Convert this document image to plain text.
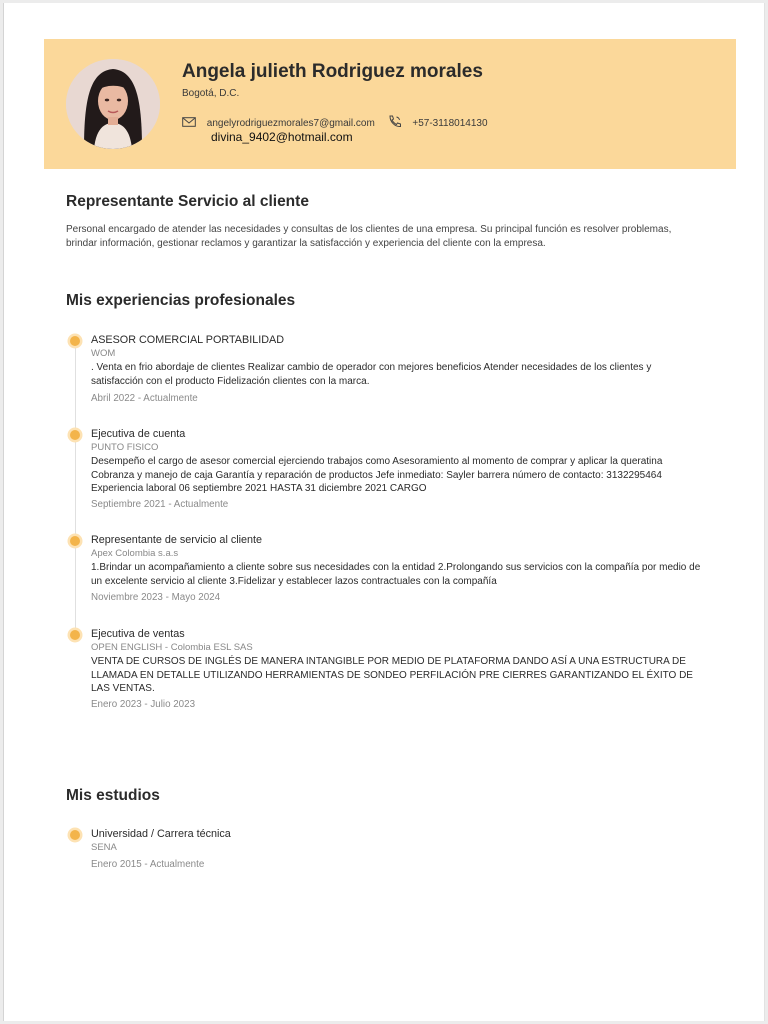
Angela julieth Rodriguez morales
Bogotá, D.C.
angelyrodriguezmorales7@gmail.com	+57-3118014130
divina_9402@hotmail.com
Representante Servicio al cliente
Personal encargado de atender las necesidades y consultas de los clientes de una empresa. Su principal función es resolver problemas, brindar información, gestionar reclamos y garantizar la satisfacción y experiencia del cliente con la empresa.
Mis experiencias profesionales
ASESOR COMERCIAL PORTABILIDAD
WOM
. Venta en frio abordaje de clientes Realizar cambio de operador con mejores beneficios Atender necesidades de los clientes y satisfacción con el producto Fidelización clientes con la marca.
Abril 2022 - Actualmente
Ejecutiva de cuenta
PUNTO FISICO
Desempeño el cargo de asesor comercial ejerciendo trabajos como Asesoramiento al momento de comprar y aplicar la queratina Cobranza y manejo de caja Garantía y reparación de productos Jefe inmediato: Sayler barrera número de contacto: 3132295464 Experiencia laboral 06 septiembre 2021 HASTA 31 diciembre 2021 CARGO
Septiembre 2021 - Actualmente
Representante de servicio al cliente
Apex Colombia s.a.s
1.Brindar un acompañamiento a cliente sobre sus necesidades con la entidad 2.Prolongando sus servicios con la compañía por medio de un excelente servicio al cliente 3.Fidelizar y establecer lazos contractuales con la compañía
Noviembre 2023 - Mayo 2024
Ejecutiva de ventas
OPEN ENGLISH - Colombia ESL SAS
VENTA DE CURSOS DE INGLÉS DE MANERA INTANGIBLE POR MEDIO DE PLATAFORMA DANDO ASÍ A UNA ESTRUCTURA DE LLAMADA EN DETALLE UTILIZANDO HERRAMIENTAS DE SONDEO PERFILACIÓN PRE CIERRES GARANTIZANDO EL ÉXITO DE LAS VENTAS.
Enero 2023 - Julio 2023
Mis estudios
Universidad / Carrera técnica
SENA
Enero 2015 - Actualmente
